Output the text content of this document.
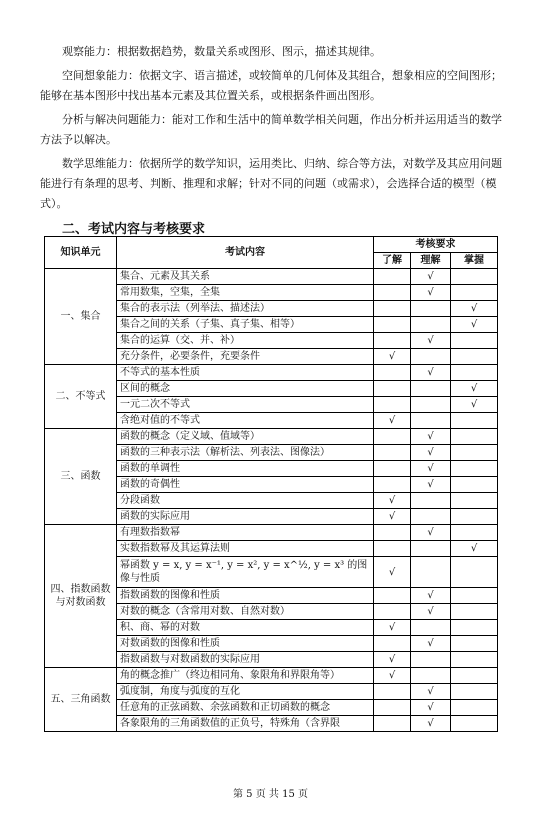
观察能力：根据数据趋势，数量关系或图形、图示，描述其规律。
空间想象能力：依据文字、语言描述，或较简单的几何体及其组合，想象相应的空间图形；能够在基本图形中找出基本元素及其位置关系，或根据条件画出图形。
分析与解决问题能力：能对工作和生活中的简单数学相关问题，作出分析并运用适当的数学方法予以解决。
数学思维能力：依据所学的数学知识，运用类比、归纳、综合等方法，对数学及其应用问题能进行有条理的思考、判断、推理和求解；针对不同的问题（或需求），会选择合适的模型（模式）。
二、考试内容与考核要求
知识单元	考试内容	考核要求		
		了解	理解	掌握
一、集合	集合、元素及其关系		√	
	常用数集，空集，全集		√	
	集合的表示法（列举法、描述法）			√
	集合之间的关系（子集、真子集、相等）			√
	集合的运算（交、并、补）		√	
	充分条件，必要条件，充要条件	√		
二、不等式	不等式的基本性质		√	
	区间的概念			√
	一元二次不等式			√
	含绝对值的不等式	√		
三、函数	函数的概念（定义域、值域等）		√	
	函数的三种表示法（解析法、列表法、图像法）		√	
	函数的单调性		√	
	函数的奇偶性		√	
	分段函数	√		
	函数的实际应用	√		
四、指数函数与对数函数	有理数指数幂		√	
	实数指数幂及其运算法则			√
	幂函数 y = x, y = x⁻¹, y = x², y = x^½, y = x³ 的图像与性质	√		
	指数函数的图像和性质		√	
	对数的概念（含常用对数、自然对数）		√	
	积、商、幂的对数	√		
	对数函数的图像和性质		√	
	指数函数与对数函数的实际应用	√		
五、三角函数	角的概念推广（终边相同角、象限角和界限角等）	√		
	弧度制，角度与弧度的互化		√	
	任意角的正弦函数、余弦函数和正切函数的概念		√	
	各象限角的三角函数值的正负号，特殊角（含界限		√	
第 5 页 共 15 页
